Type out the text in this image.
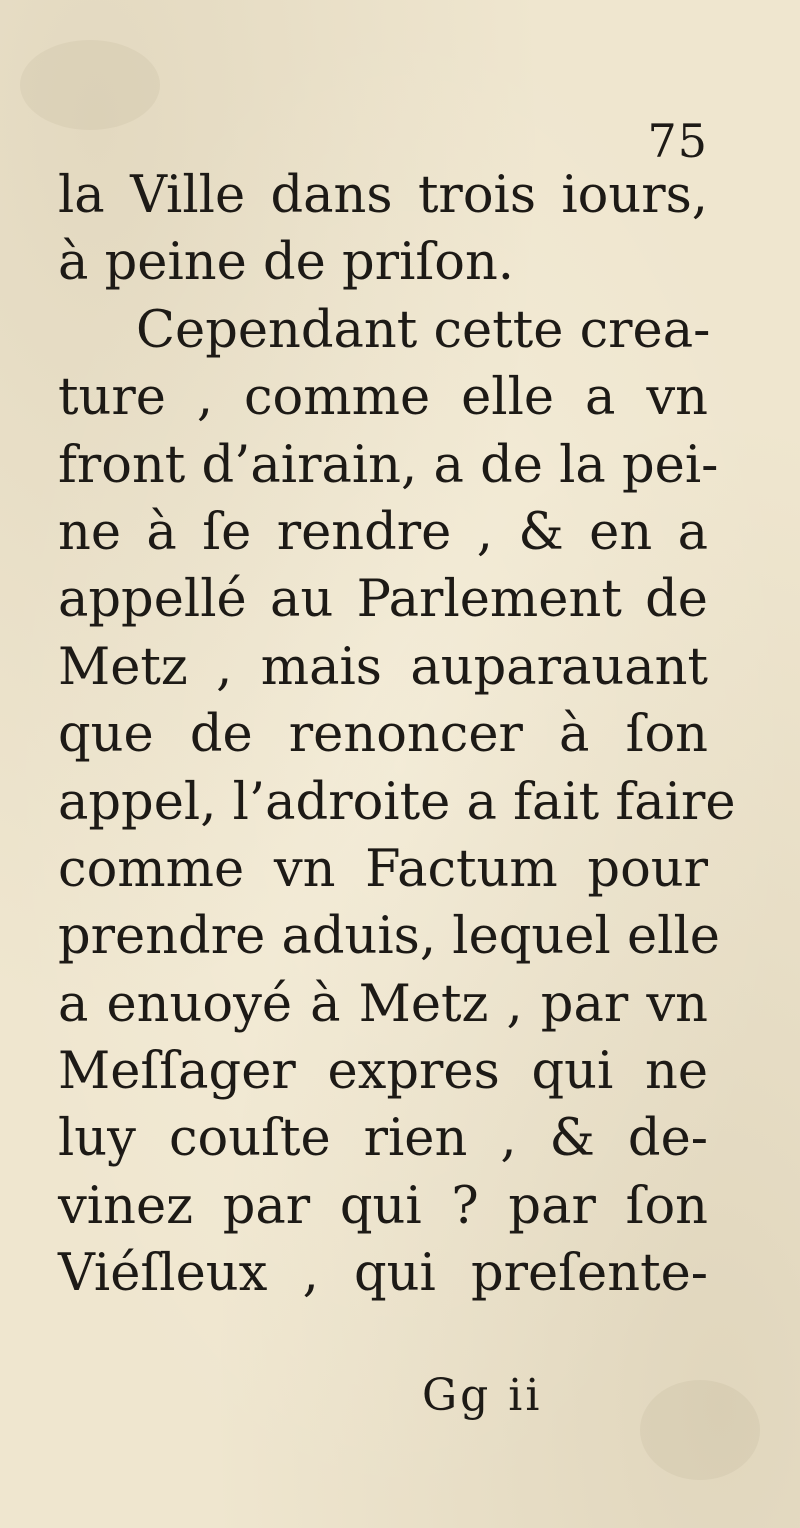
75
la Ville dans trois iours,
à peine de priſon.
Cependant cette crea-
ture , comme elle a vn
front d’airain, a de la pei-
ne à ſe rendre , & en a
appellé au Parlement de
Metz , mais auparauant
que de renoncer à ſon
appel, l’adroite a fait faire
comme vn Factum pour
prendre aduis, lequel elle
a enuoyé à Metz , par vn
Meſſager expres qui ne
luy couſte rien , & de-
vinez par qui ? par ſon
Viéſleux , qui preſente-
Gg ii
